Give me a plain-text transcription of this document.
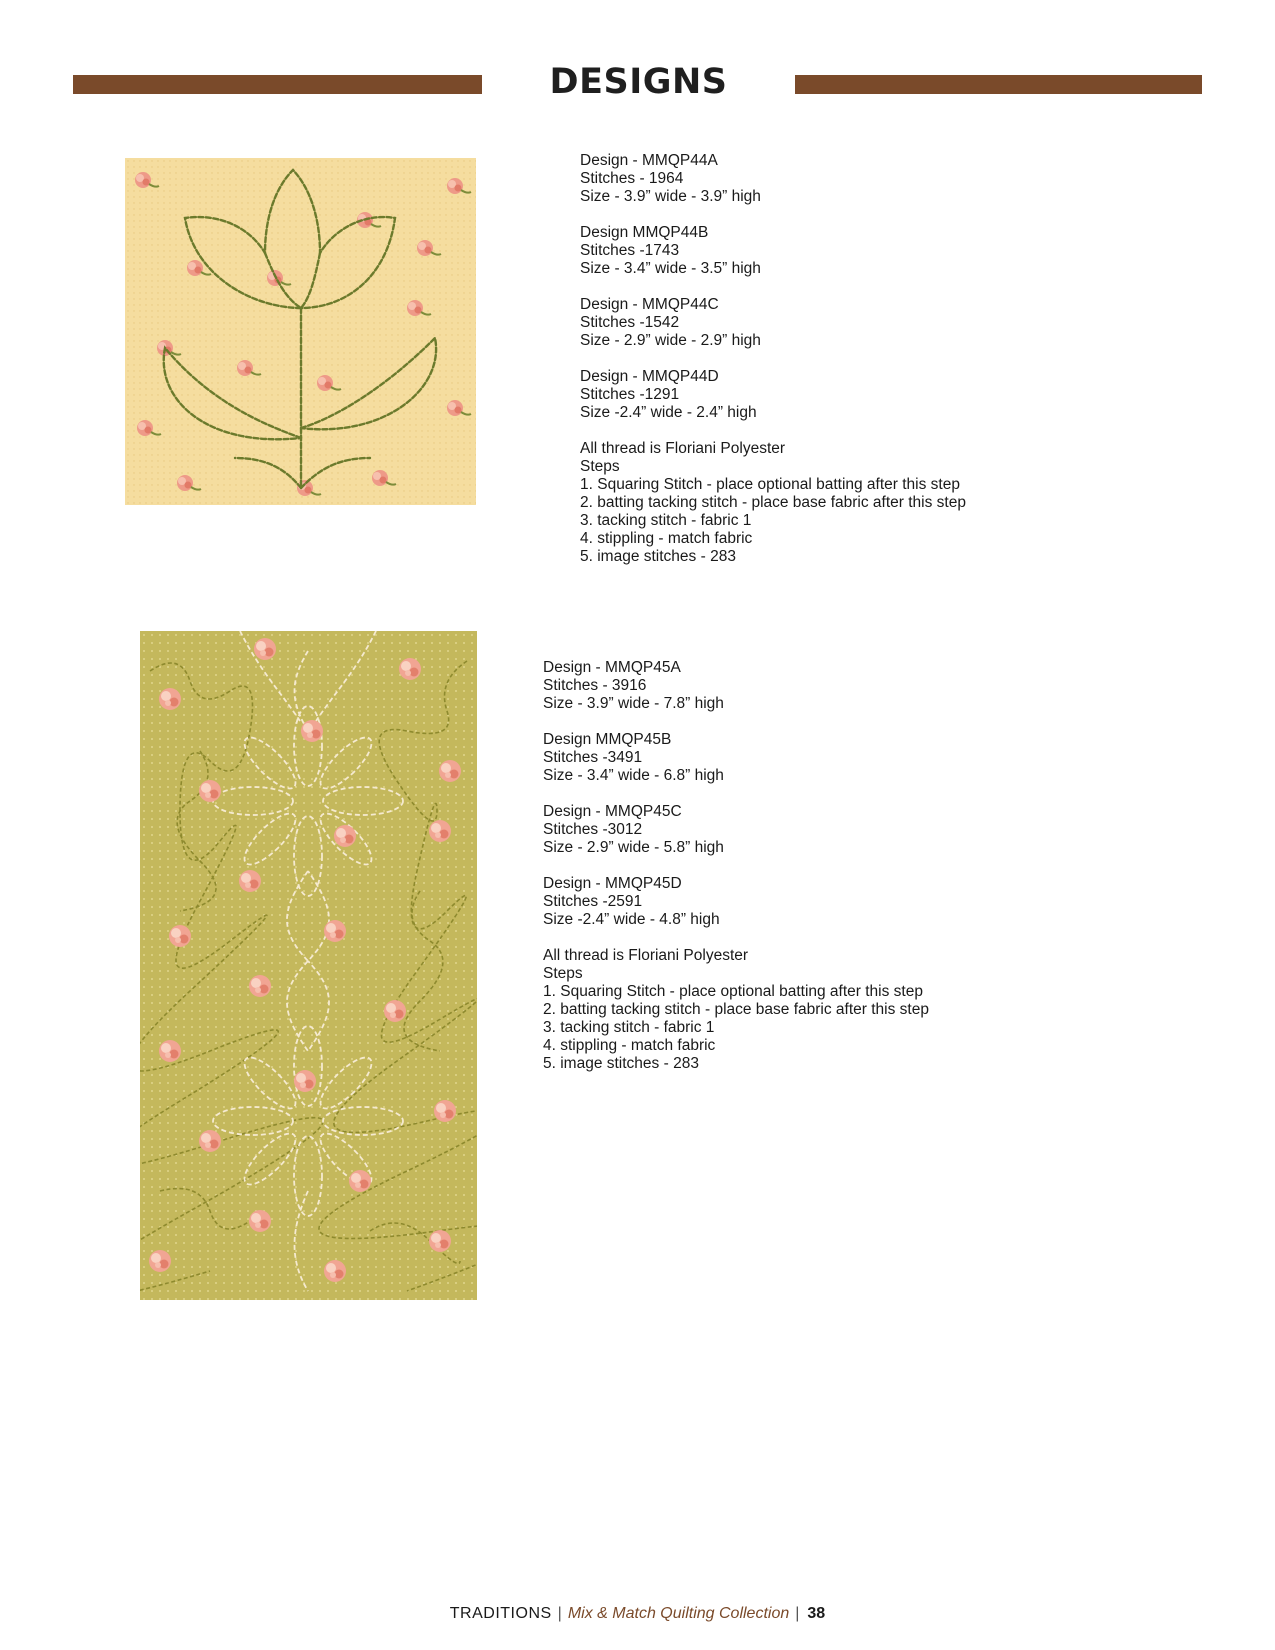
DESIGNS
Design - MMQP44A
Stitches - 1964
Size - 3.9” wide - 3.9” high
Design MMQP44B
Stitches -1743
Size - 3.4” wide - 3.5” high
Design - MMQP44C
Stitches -1542
Size - 2.9” wide - 2.9” high
Design - MMQP44D
Stitches -1291
Size -2.4” wide - 2.4” high
All thread is Floriani Polyester
Steps
1. Squaring Stitch - place optional batting after this step
2. batting tacking stitch - place base fabric after this step
3. tacking stitch - fabric 1
4. stippling - match fabric
5. image stitches - 283
Design - MMQP45A
Stitches - 3916
Size - 3.9” wide - 7.8” high
Design MMQP45B
Stitches -3491
Size - 3.4” wide - 6.8” high
Design - MMQP45C
Stitches -3012
Size - 2.9” wide - 5.8” high
Design - MMQP45D
Stitches -2591
Size -2.4” wide - 4.8” high
All thread is Floriani Polyester
Steps
1. Squaring Stitch - place optional batting after this step
2. batting tacking stitch - place base fabric after this step
3. tacking stitch - fabric 1
4. stippling - match fabric
5. image stitches - 283
TRADITIONS | Mix & Match Quilting Collection | 38
